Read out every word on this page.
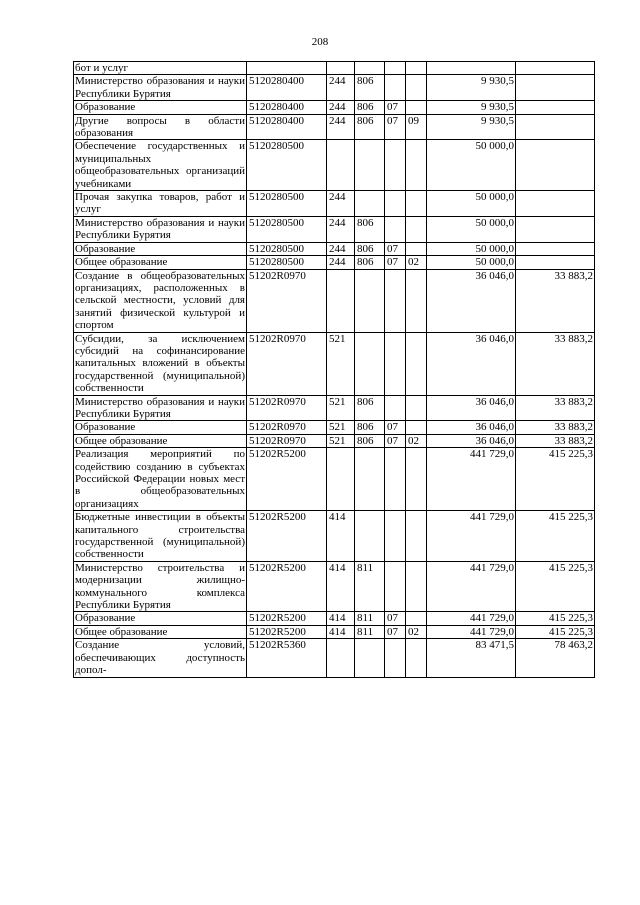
208
бот и услуг							
Министерство образования и науки Республики Бурятия	5120280400	244	806			9 930,5	
Образование	5120280400	244	806	07		9 930,5	
Другие вопросы в области образования	5120280400	244	806	07	09	9 930,5	
Обеспечение государственных и муниципальных общеобразовательных организаций учебниками	5120280500					50 000,0	
Прочая закупка товаров, работ и услуг	5120280500	244				50 000,0	
Министерство образования и науки Республики Бурятия	5120280500	244	806			50 000,0	
Образование	5120280500	244	806	07		50 000,0	
Общее образование	5120280500	244	806	07	02	50 000,0	
Создание в общеобразовательных организациях, расположенных в сельской местности, условий для занятий физической культурой и спортом	51202R0970					36 046,0	33 883,2
Субсидии, за исключением субсидий на софинансирование капитальных вложений в объекты государственной (муниципальной) собственности	51202R0970	521				36 046,0	33 883,2
Министерство образования и науки Республики Бурятия	51202R0970	521	806			36 046,0	33 883,2
Образование	51202R0970	521	806	07		36 046,0	33 883,2
Общее образование	51202R0970	521	806	07	02	36 046,0	33 883,2
Реализация мероприятий по содействию созданию в субъектах Российской Федерации новых мест в общеобразовательных организациях	51202R5200					441 729,0	415 225,3
Бюджетные инвестиции в объекты капитального строительства государственной (муниципальной) собственности	51202R5200	414				441 729,0	415 225,3
Министерство строительства и модернизации жилищно-коммунального комплекса Республики Бурятия	51202R5200	414	811			441 729,0	415 225,3
Образование	51202R5200	414	811	07		441 729,0	415 225,3
Общее образование	51202R5200	414	811	07	02	441 729,0	415 225,3
Создание условий, обеспечивающих доступность допол-	51202R5360					83 471,5	78 463,2
